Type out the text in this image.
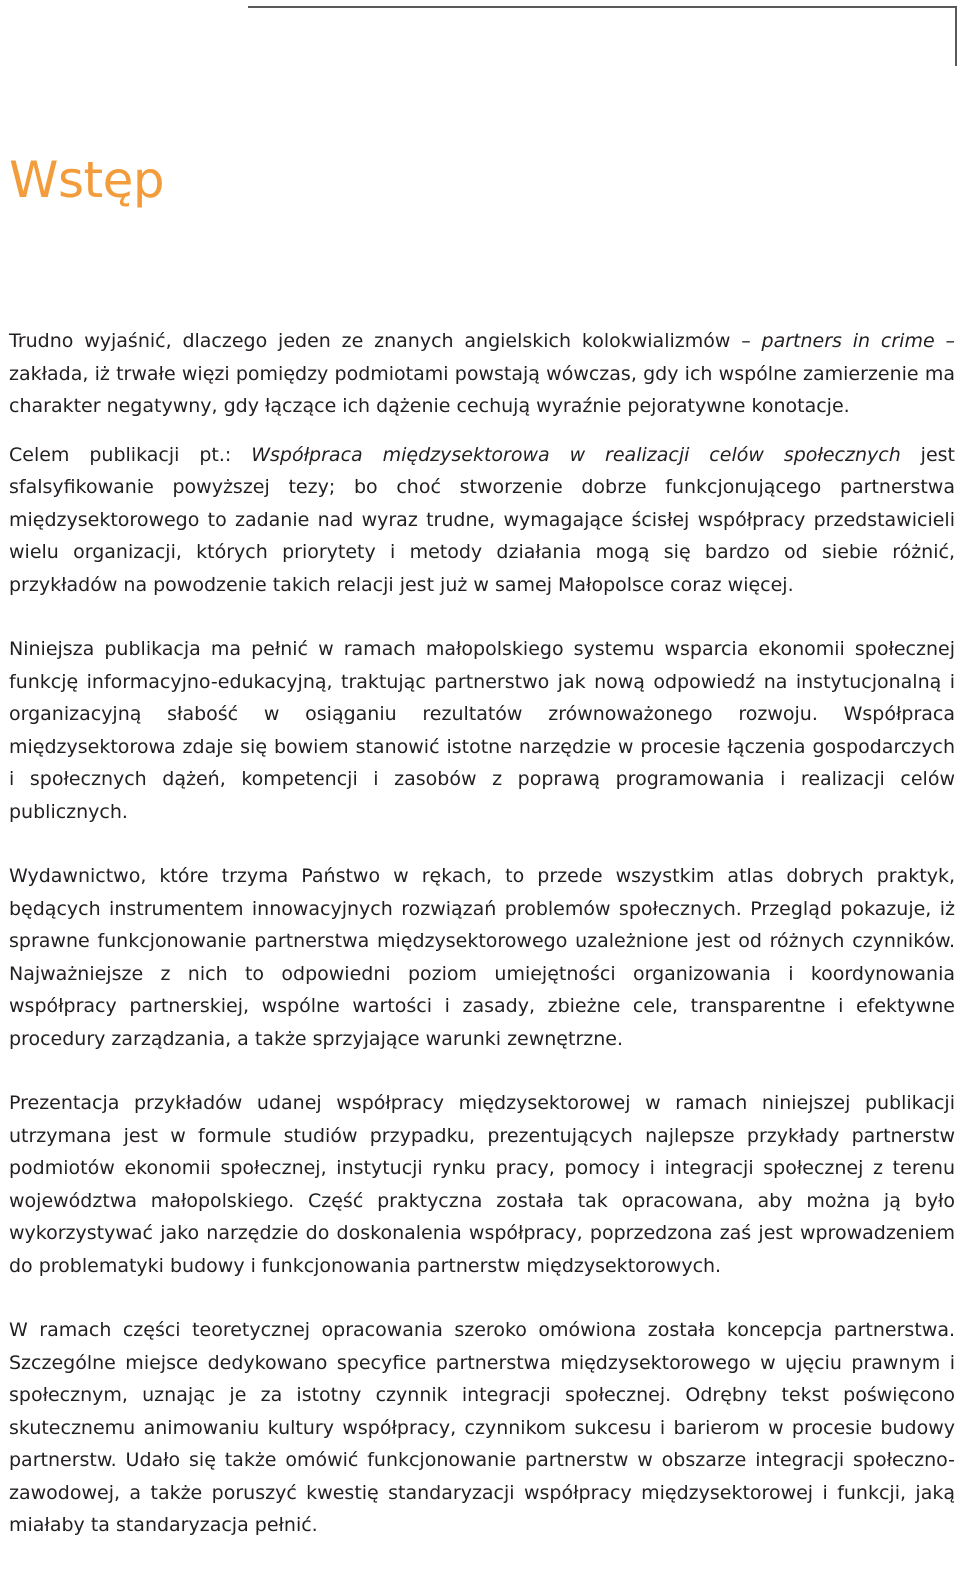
Wstęp

Trudno wyjaśnić, dlaczego jeden ze znanych angielskich kolokwializmów – partners in crime – zakłada, iż trwałe więzi pomiędzy podmiotami powstają wówczas, gdy ich wspólne zamierzenie ma charakter negatywny, gdy łączące ich dążenie cechują wyraźnie pejoratywne konotacje.

Celem publikacji pt.: Współpraca międzysektorowa w realizacji celów społecznych jest sfalsyfikowanie powyższej tezy; bo choć stworzenie dobrze funkcjonującego partnerstwa międzysektorowego to zadanie nad wyraz trudne, wymagające ścisłej współpracy przedstawicieli wielu organizacji, których priorytety i metody działania mogą się bardzo od siebie różnić, przykładów na powodzenie takich relacji jest już w samej Małopolsce coraz więcej.

Niniejsza publikacja ma pełnić w ramach małopolskiego systemu wsparcia ekonomii społecznej funkcję informacyjno-edukacyjną, traktując partnerstwo jak nową odpowiedź na instytucjonalną i organizacyjną słabość w osiąganiu rezultatów zrównoważonego rozwoju. Współpraca międzysektorowa zdaje się bowiem stanowić istotne narzędzie w procesie łączenia gospodarczych i społecznych dążeń, kompetencji i zasobów z poprawą programowania i realizacji celów publicznych.

Wydawnictwo, które trzyma Państwo w rękach, to przede wszystkim atlas dobrych praktyk, będących instrumentem innowacyjnych rozwiązań problemów społecznych. Przegląd pokazuje, iż sprawne funkcjonowanie partnerstwa międzysektorowego uzależnione jest od różnych czynników. Najważniejsze z nich to odpowiedni poziom umiejętności organizowania i koordynowania współpracy partnerskiej, wspólne wartości i zasady, zbieżne cele, transparentne i efektywne procedury zarządzania, a także sprzyjające warunki zewnętrzne.

Prezentacja przykładów udanej współpracy międzysektorowej w ramach niniejszej publikacji utrzymana jest w formule studiów przypadku, prezentujących najlepsze przykłady partnerstw podmiotów ekonomii społecznej, instytucji rynku pracy, pomocy i integracji społecznej z terenu województwa małopolskiego. Część praktyczna została tak opracowana, aby można ją było wykorzystywać jako narzędzie do doskonalenia współpracy, poprzedzona zaś jest wprowadzeniem do problematyki budowy i funkcjonowania partnerstw międzysektorowych.

W ramach części teoretycznej opracowania szeroko omówiona została koncepcja partnerstwa. Szczególne miejsce dedykowano specyfice partnerstwa międzysektorowego w ujęciu prawnym i społecznym, uznając je za istotny czynnik integracji społecznej. Odrębny tekst poświęcono skutecznemu animowaniu kultury współpracy, czynnikom sukcesu i barierom w procesie budowy partnerstw. Udało się także omówić funkcjonowanie partnerstw w obszarze integracji społeczno-zawodowej, a także poruszyć kwestię standaryzacji współpracy międzysektorowej i funkcji, jaką miałaby ta standaryzacja pełnić.
